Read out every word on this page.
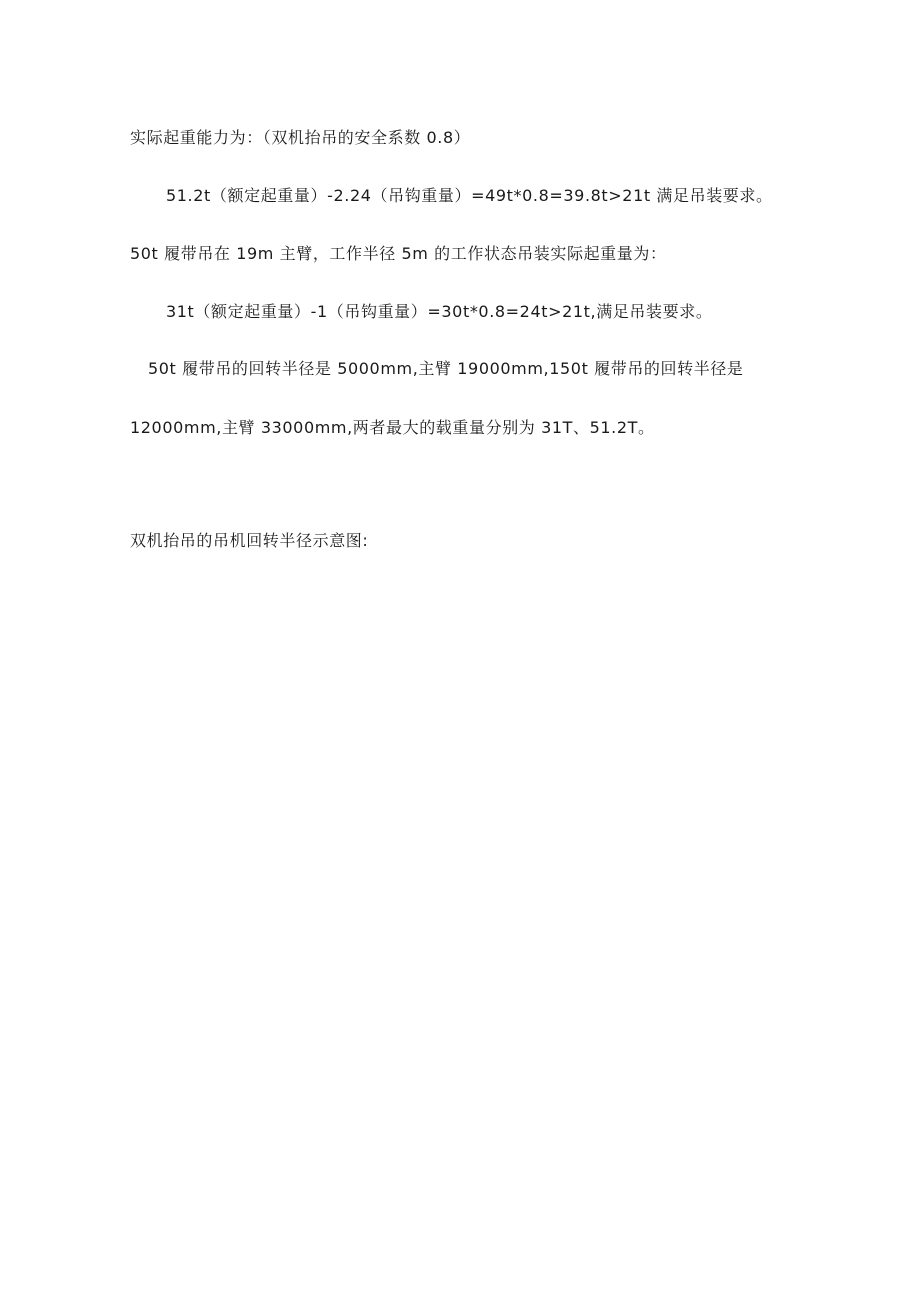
实际起重能力为：（双机抬吊的安全系数 0.8）
51.2t（额定起重量）-2.24（吊钩重量）=49t*0.8=39.8t>21t 满足吊装要求。
50t 履带吊在 19m 主臂，工作半径 5m 的工作状态吊装实际起重量为：
31t（额定起重量）-1（吊钩重量）=30t*0.8=24t>21t,满足吊装要求。
50t 履带吊的回转半径是 5000mm,主臂 19000mm,150t 履带吊的回转半径是
12000mm,主臂 33000mm,两者最大的载重量分别为 31T、51.2T。
双机抬吊的吊机回转半径示意图:
